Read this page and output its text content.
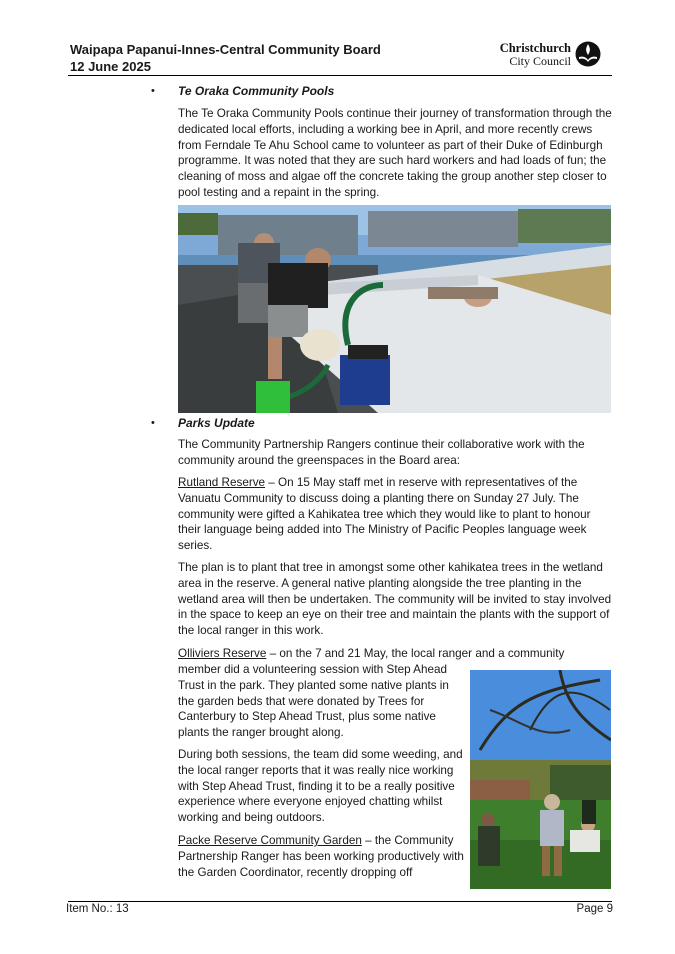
Waipapa Papanui-Innes-Central Community Board
12 June 2025
Christchurch
City Council
• Te Oraka Community Pools

The Te Oraka Community Pools continue their journey of transformation through the dedicated local efforts, including a working bee in April, and more recently crews from Ferndale Te Ahu School came to volunteer as part of their Duke of Edinburgh programme. It was noted that they are such hard workers and had loads of fun; the cleaning of moss and algae off the concrete taking the group another step closer to pool testing and a repaint in the spring.

• Parks Update

The Community Partnership Rangers continue their collaborative work with the community around the greenspaces in the Board area:

Rutland Reserve – On 15 May staff met in reserve with representatives of the Vanuatu Community to discuss doing a planting there on Sunday 27 July. The community were gifted a Kahikatea tree which they would like to plant to honour their language being added into The Ministry of Pacific Peoples language week series.

The plan is to plant that tree in amongst some other kahikatea trees in the wetland area in the reserve. A general native planting alongside the tree planting in the wetland area will then be undertaken. The community will be invited to stay involved in the space to keep an eye on their tree and maintain the plants with the support of the local ranger in this work.

Olliviers Reserve – on the 7 and 21 May, the local ranger and a community

member did a volunteering session with Step Ahead Trust in the park. They planted some native plants in the garden beds that were donated by Trees for Canterbury to Step Ahead Trust, plus some native plants the ranger brought along.

During both sessions, the team did some weeding, and the local ranger reports that it was really nice working with Step Ahead Trust, finding it to be a really positive experience where everyone enjoyed chatting whilst working and being outdoors.

Packe Reserve Community Garden – the Community Partnership Ranger has been working productively with the Garden Coordinator, recently dropping off

Item No.: 13	Page 9
